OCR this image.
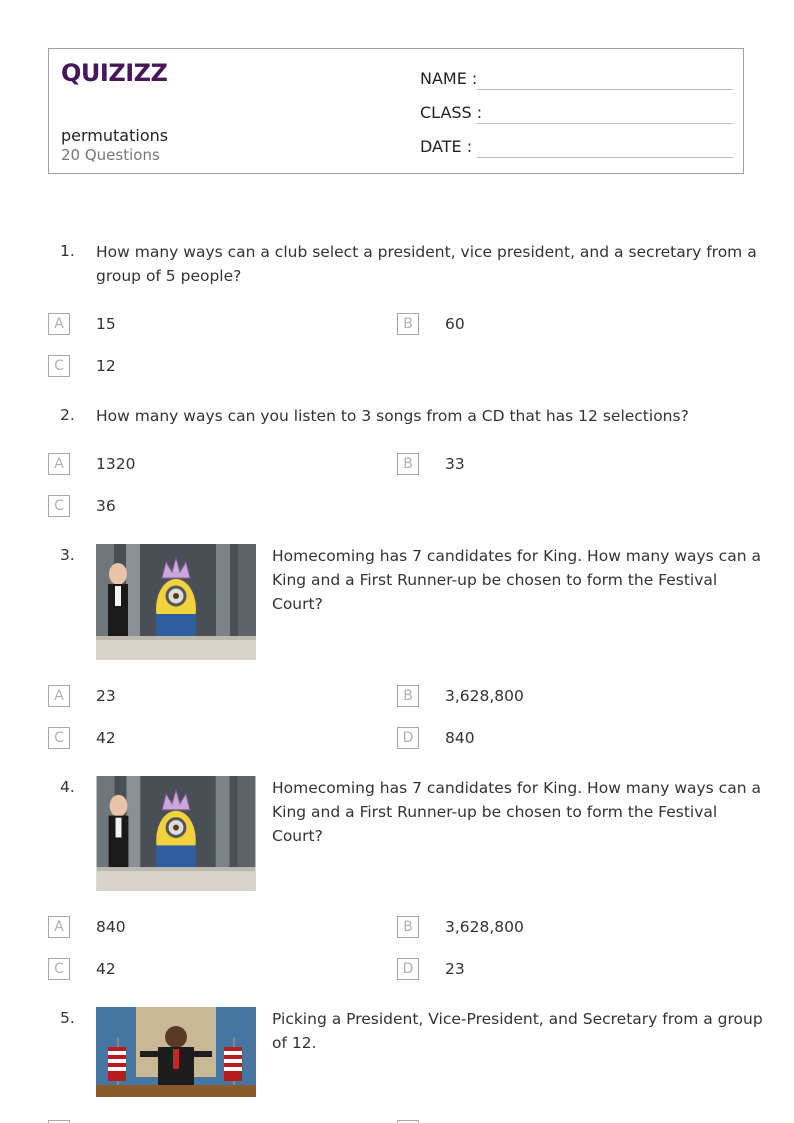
QUIZIZZ
permutations
20 Questions
NAME :
CLASS :
DATE :
1. How many ways can a club select a president, vice president, and a secretary from a
group of 5 people?
A	15	B	60
C	12
2. How many ways can you listen to 3 songs from a CD that has 12 selections?
A	1320	B	33
C	36
3.	Homecoming has 7 candidates for King. How many ways can a
King and a First Runner-up be chosen to form the Festival
Court?
A	23	B	3,628,800
C	42	D	840
4.	Homecoming has 7 candidates for King. How many ways can a
King and a First Runner-up be chosen to form the Festival
Court?
A	840	B	3,628,800
C	42	D	23
5.	Picking a President, Vice-President, and Secretary from a group
of 12.
